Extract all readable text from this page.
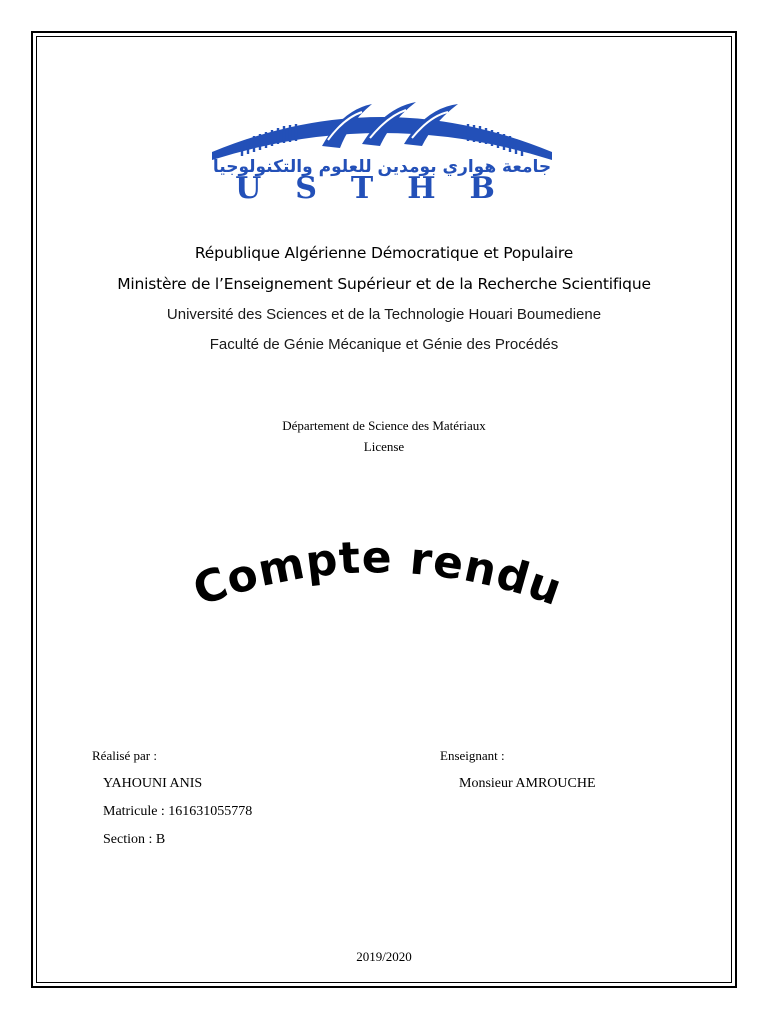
جامعة هواري بومدين للعلوم والتكنولوجيا
USTHB
République Algérienne Démocratique et Populaire
Ministère de l’Enseignement Supérieur et de la Recherche Scientifique
Université des Sciences et de la Technologie Houari Boumediene
Faculté de Génie Mécanique et Génie des Procédés
Département de Science des Matériaux
License
Compte rendu
Réalisé par :
YAHOUNI ANIS
Matricule : 161631055778
Section : B
Enseignant :
Monsieur AMROUCHE
2019/2020
